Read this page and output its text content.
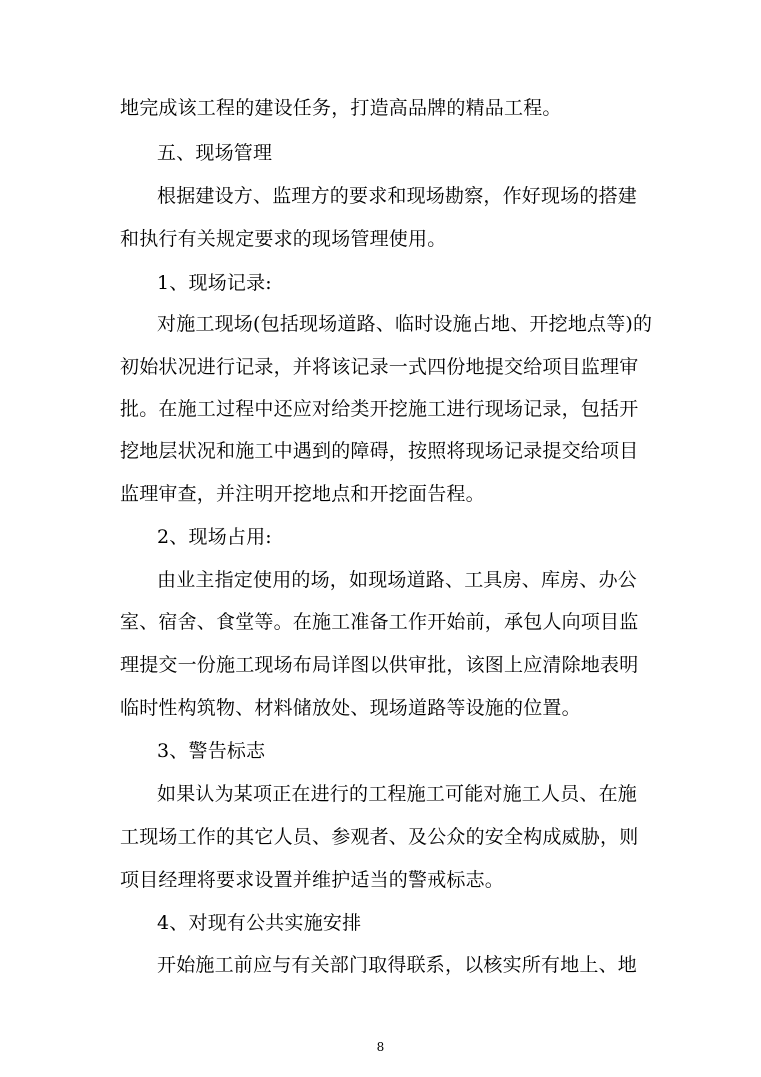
地完成该工程的建设任务，打造高品牌的精品工程。
五、现场管理
根据建设方、监理方的要求和现场勘察，作好现场的搭建
和执行有关规定要求的现场管理使用。
1、现场记录:
对施工现场(包括现场道路、临时设施占地、开挖地点等)的
初始状况进行记录，并将该记录一式四份地提交给项目监理审
批。在施工过程中还应对给类开挖施工进行现场记录，包括开
挖地层状况和施工中遇到的障碍，按照将现场记录提交给项目
监理审查，并注明开挖地点和开挖面告程。
2、现场占用:
由业主指定使用的场，如现场道路、工具房、库房、办公
室、宿舍、食堂等。在施工准备工作开始前，承包人向项目监
理提交一份施工现场布局详图以供审批，该图上应清除地表明
临时性构筑物、材料储放处、现场道路等设施的位置。
3、警告标志
如果认为某项正在进行的工程施工可能对施工人员、在施
工现场工作的其它人员、参观者、及公众的安全构成威胁，则
项目经理将要求设置并维护适当的警戒标志。
4、对现有公共实施安排
开始施工前应与有关部门取得联系，以核实所有地上、地
8
